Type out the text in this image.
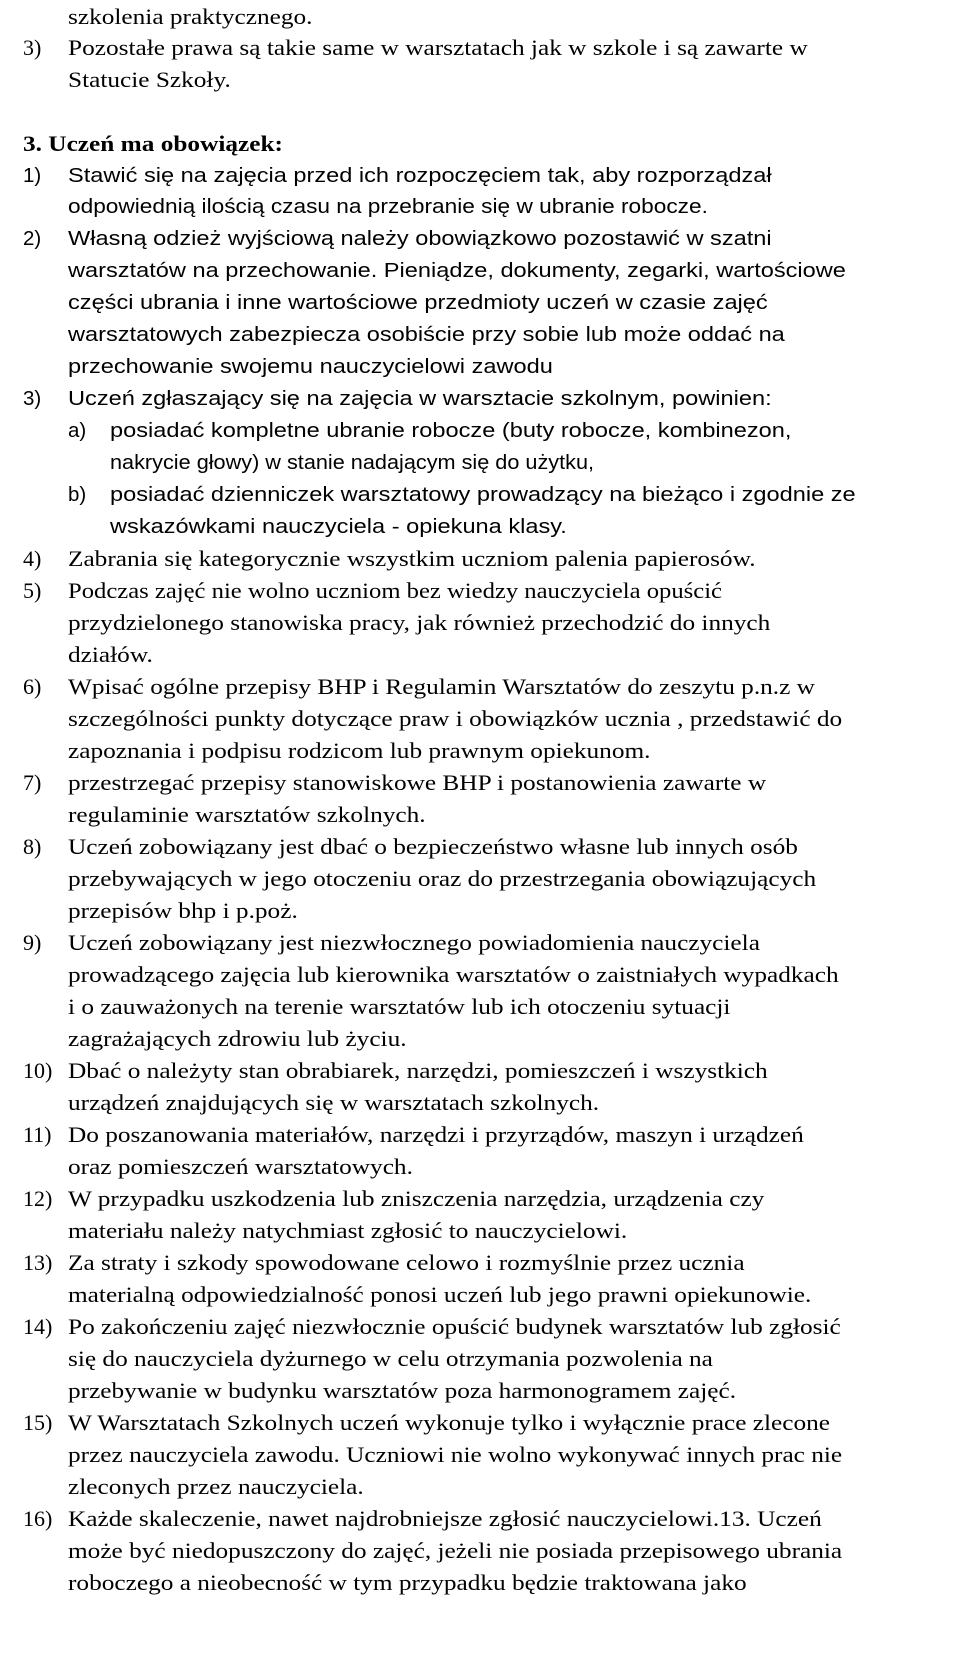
szkolenia praktycznego.
3) Pozostałe prawa są takie same w warsztatach jak w szkole i są zawarte w
Statucie Szkoły.
3. Uczeń ma obowiązek:
1) Stawić się na zajęcia przed ich rozpoczęciem tak, aby rozporządzał
odpowiednią ilością czasu na przebranie się w ubranie robocze.
2) Własną odzież wyjściową należy obowiązkowo pozostawić w szatni
warsztatów na przechowanie. Pieniądze, dokumenty, zegarki, wartościowe
części ubrania i inne wartościowe przedmioty uczeń w czasie zajęć
warsztatowych zabezpiecza osobiście przy sobie lub może oddać na
przechowanie swojemu nauczycielowi zawodu
3) Uczeń zgłaszający się na zajęcia w warsztacie szkolnym, powinien:
a) posiadać kompletne ubranie robocze (buty robocze, kombinezon,
nakrycie głowy) w stanie nadającym się do użytku,
b) posiadać dzienniczek warsztatowy prowadzący na bieżąco i zgodnie ze
wskazówkami nauczyciela - opiekuna klasy.
4) Zabrania się kategorycznie wszystkim uczniom palenia papierosów.
5) Podczas zajęć nie wolno uczniom bez wiedzy nauczyciela opuścić
przydzielonego stanowiska pracy, jak również przechodzić do innych
działów.
6) Wpisać ogólne przepisy BHP i Regulamin Warsztatów do zeszytu p.n.z w
szczególności punkty dotyczące praw i obowiązków ucznia , przedstawić do
zapoznania i podpisu rodzicom lub prawnym opiekunom.
7) przestrzegać przepisy stanowiskowe BHP i postanowienia zawarte w
regulaminie warsztatów szkolnych.
8) Uczeń zobowiązany jest dbać o bezpieczeństwo własne lub innych osób
przebywających w jego otoczeniu oraz do przestrzegania obowiązujących
przepisów bhp i p.poż.
9) Uczeń zobowiązany jest niezwłocznego powiadomienia nauczyciela
prowadzącego zajęcia lub kierownika warsztatów o zaistniałych wypadkach
i o zauważonych na terenie warsztatów lub ich otoczeniu sytuacji
zagrażających zdrowiu lub życiu.
10) Dbać o należyty stan obrabiarek, narzędzi, pomieszczeń i wszystkich
urządzeń znajdujących się w warsztatach szkolnych.
11) Do poszanowania materiałów, narzędzi i przyrządów, maszyn i urządzeń
oraz pomieszczeń warsztatowych.
12) W przypadku uszkodzenia lub zniszczenia narzędzia, urządzenia czy
materiału należy natychmiast zgłosić to nauczycielowi.
13) Za straty i szkody spowodowane celowo i rozmyślnie przez ucznia
materialną odpowiedzialność ponosi uczeń lub jego prawni opiekunowie.
14) Po zakończeniu zajęć niezwłocznie opuścić budynek warsztatów lub zgłosić
się do nauczyciela dyżurnego w celu otrzymania pozwolenia na
przebywanie w budynku warsztatów poza harmonogramem zajęć.
15) W Warsztatach Szkolnych uczeń wykonuje tylko i wyłącznie prace zlecone
przez nauczyciela zawodu. Uczniowi nie wolno wykonywać innych prac nie
zleconych przez nauczyciela.
16) Każde skaleczenie, nawet najdrobniejsze zgłosić nauczycielowi.13. Uczeń
może być niedopuszczony do zajęć, jeżeli nie posiada przepisowego ubrania
roboczego a nieobecność w tym przypadku będzie traktowana jako
